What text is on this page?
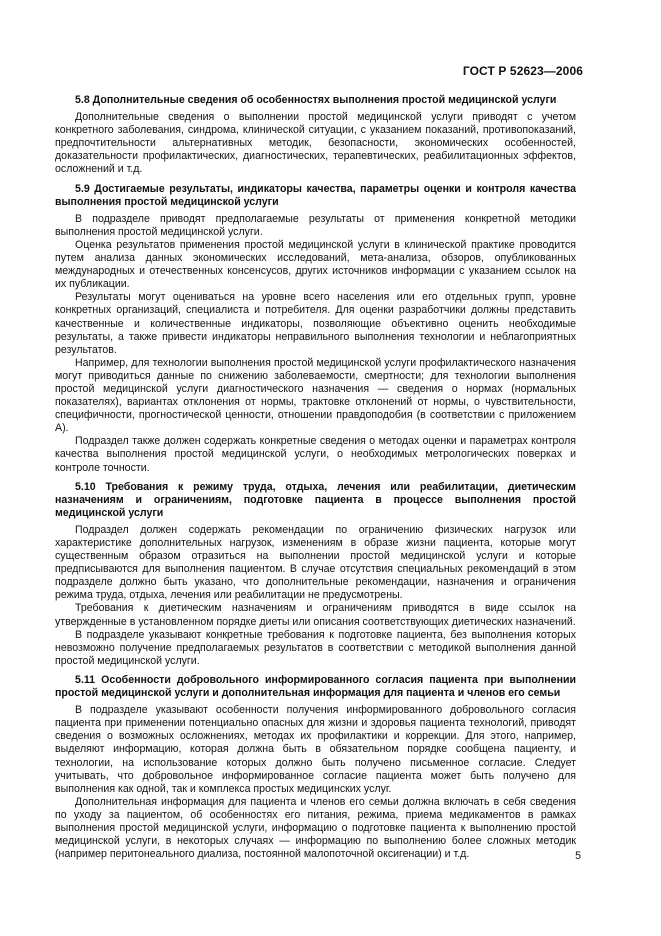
ГОСТ Р 52623—2006

5.8 Дополнительные сведения об особенностях выполнения простой медицинской услуги

Дополнительные сведения о выполнении простой медицинской услуги приводят с учетом конкретного заболевания, синдрома, клинической ситуации, с указанием показаний, противопоказаний, предпочтительности альтернативных методик, безопасности, экономических особенностей, доказательности профилактических, диагностических, терапевтических, реабилитационных эффектов, осложнений и т.д.

5.9 Достигаемые результаты, индикаторы качества, параметры оценки и контроля качества выполнения простой медицинской услуги

В подразделе приводят предполагаемые результаты от применения конкретной методики выполнения простой медицинской услуги.

Оценка результатов применения простой медицинской услуги в клинической практике проводится путем анализа данных экономических исследований, мета-анализа, обзоров, опубликованных международных и отечественных консенсусов, других источников информации с указанием ссылок на их публикации.

Результаты могут оцениваться на уровне всего населения или его отдельных групп, уровне конкретных организаций, специалиста и потребителя. Для оценки разработчики должны представить качественные и количественные индикаторы, позволяющие объективно оценить необходимые результаты, а также привести индикаторы неправильного выполнения технологии и неблагоприятных результатов.

Например, для технологии выполнения простой медицинской услуги профилактического назначения могут приводиться данные по снижению заболеваемости, смертности; для технологии выполнения простой медицинской услуги диагностического назначения — сведения о нормах (нормальных показателях), вариантах отклонения от нормы, трактовке отклонений от нормы, о чувствительности, специфичности, прогностической ценности, отношении правдоподобия (в соответствии с приложением А).

Подраздел также должен содержать конкретные сведения о методах оценки и параметрах контроля качества выполнения простой медицинской услуги, о необходимых метрологических поверках и контроле точности.

5.10 Требования к режиму труда, отдыха, лечения или реабилитации, диетическим назначениям и ограничениям, подготовке пациента в процессе выполнения простой медицинской услуги

Подраздел должен содержать рекомендации по ограничению физических нагрузок или характеристике дополнительных нагрузок, изменениям в образе жизни пациента, которые могут существенным образом отразиться на выполнении простой медицинской услуги и которые предписываются для выполнения пациентом. В случае отсутствия специальных рекомендаций в этом подразделе должно быть указано, что дополнительные рекомендации, назначения и ограничения режима труда, отдыха, лечения или реабилитации не предусмотрены.

Требования к диетическим назначениям и ограничениям приводятся в виде ссылок на утвержденные в установленном порядке диеты или описания соответствующих диетических назначений.

В подразделе указывают конкретные требования к подготовке пациента, без выполнения которых невозможно получение предполагаемых результатов в соответствии с методикой выполнения данной простой медицинской услуги.

5.11 Особенности добровольного информированного согласия пациента при выполнении простой медицинской услуги и дополнительная информация для пациента и членов его семьи

В подразделе указывают особенности получения информированного добровольного согласия пациента при применении потенциально опасных для жизни и здоровья пациента технологий, приводят сведения о возможных осложнениях, методах их профилактики и коррекции. Для этого, например, выделяют информацию, которая должна быть в обязательном порядке сообщена пациенту, и технологии, на использование которых должно быть получено письменное согласие. Следует учитывать, что добровольное информированное согласие пациента может быть получено для выполнения как одной, так и комплекса простых медицинских услуг.

Дополнительная информация для пациента и членов его семьи должна включать в себя сведения по уходу за пациентом, об особенностях его питания, режима, приема медикаментов в рамках выполнения простой медицинской услуги, информацию о подготовке пациента к выполнению простой медицинской услуги, в некоторых случаях — информацию по выполнению более сложных методик (например перитонеального диализа, постоянной малопоточной оксигенации) и т.д.	5
